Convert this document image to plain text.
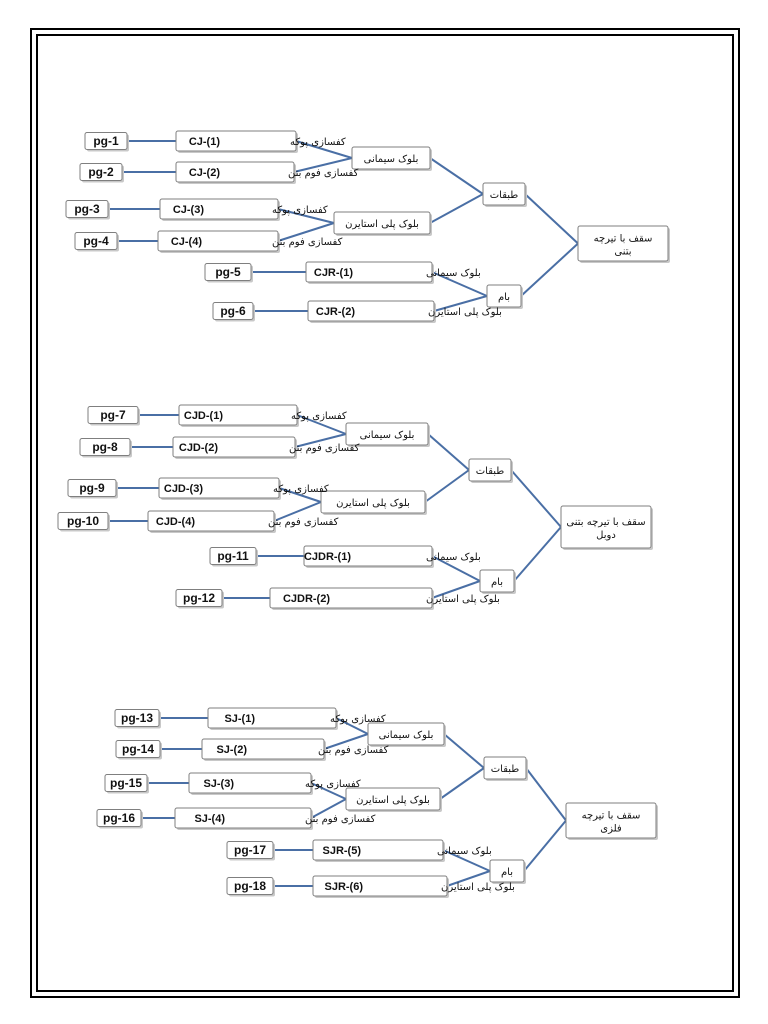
سقف با تیرچه بتنی
طبقات
بام
بلوک سیمانی
CJ-(1)	کفسازی پوکه
pg-1
CJ-(2)	کفسازی فوم بتن
pg-2
بلوک پلی استایرن
CJ-(3)	کفسازی پوکه
pg-3
CJ-(4)	کفسازی فوم بتن
pg-4
CJR-(1)	بلوک سیمانی
pg-5
CJR-(2)	بلوک پلی استایرن
pg-6
سقف با تیرچه بتنی دوبل
طبقات
بام
بلوک سیمانی
CJD-(1)	کفسازی پوکه
pg-7
CJD-(2)	کفسازی فوم بتن
pg-8
بلوک پلی استایرن
CJD-(3)	کفسازی پوکه
pg-9
CJD-(4)	کفسازی فوم بتن
pg-10
CJDR-(1)	بلوک سیمانی
pg-11
CJDR-(2)	بلوک پلی استایرن
pg-12
سقف با تیرچه فلزی
طبقات
بام
بلوک سیمانی
SJ-(1)	کفسازی پوکه
pg-13
SJ-(2)	کفسازی فوم بتن
pg-14
بلوک پلی استایرن
SJ-(3)	کفسازی پوکه
pg-15
SJ-(4)	کفسازی فوم بتن
pg-16
SJR-(5)	بلوک سیمانی
pg-17
SJR-(6)	بلوک پلی استایرن
pg-18
